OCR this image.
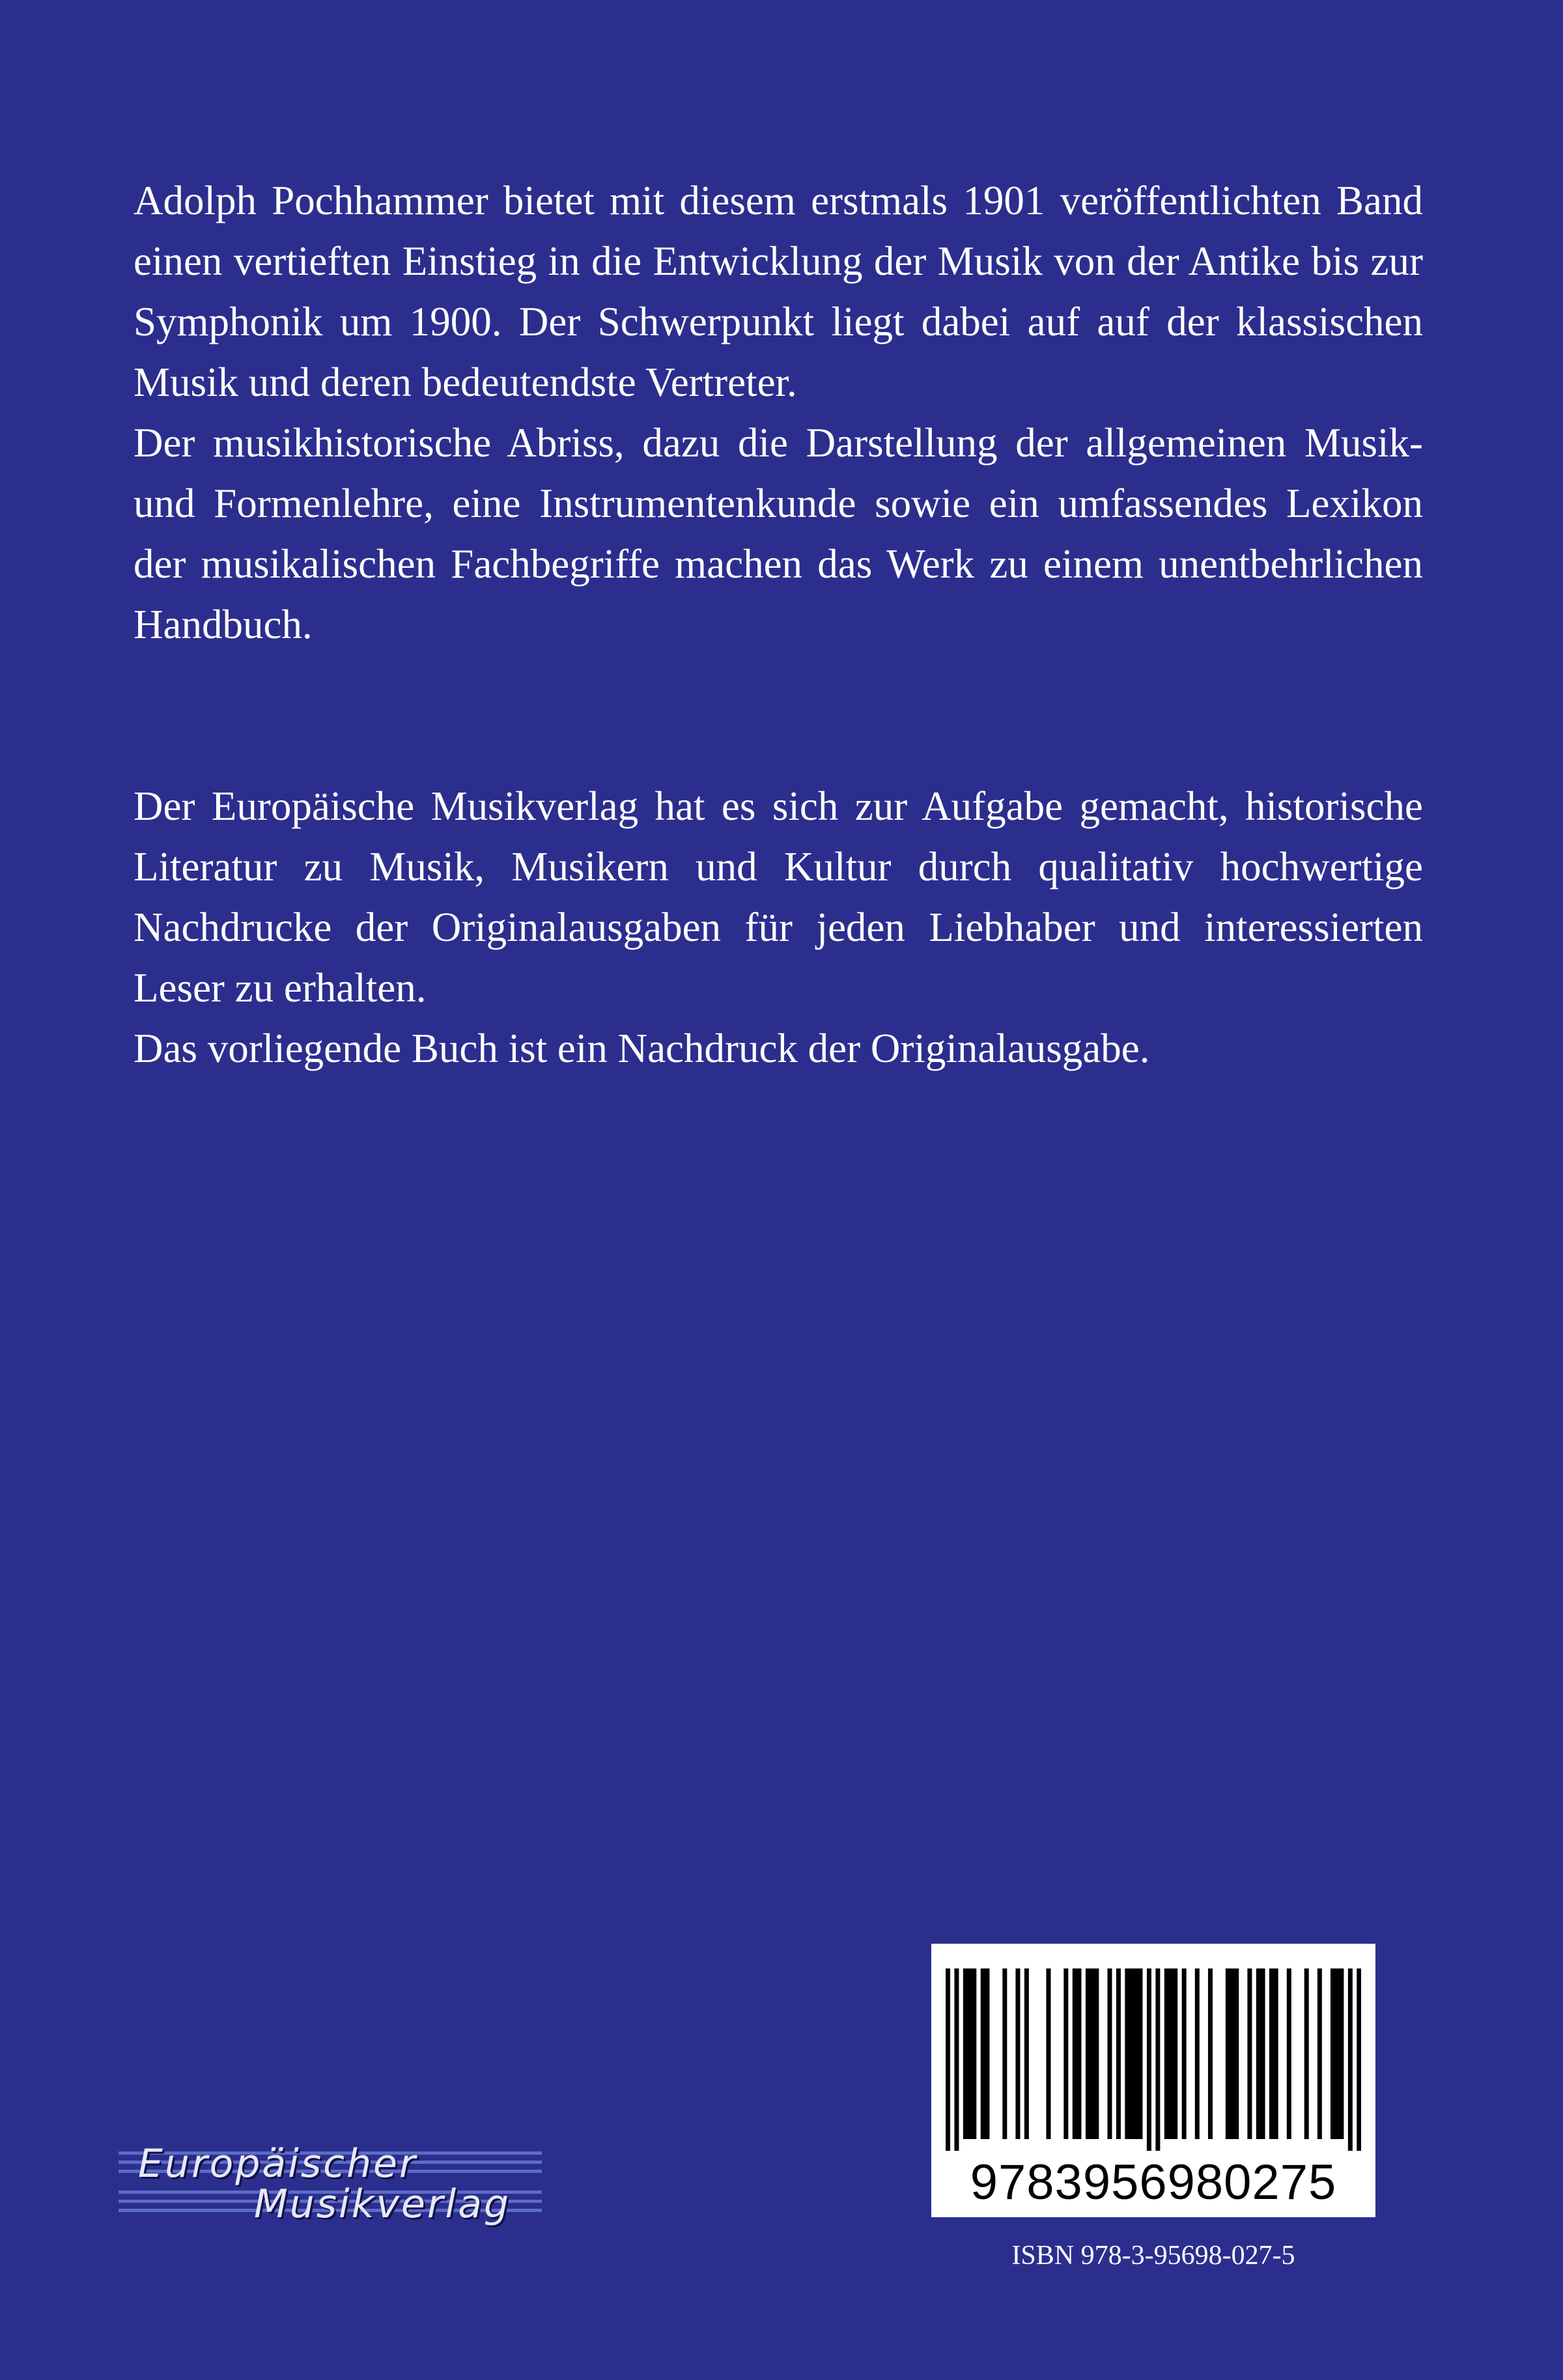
Adolph Pochhammer bietet mit diesem erstmals 1901 veröffentlichten Band einen vertieften Einstieg in die Entwicklung der Musik von der Antike bis zur Symphonik um 1900. Der Schwerpunkt liegt dabei auf auf der klassischen Musik und deren bedeutendste Vertreter.

Der musikhistorische Abriss, dazu die Darstellung der allgemeinen Musik- und Formenlehre, eine Instrumentenkunde sowie ein umfassendes Lexikon der musikalischen Fachbegriffe machen das Werk zu einem unentbehrlichen Handbuch.

Der Europäische Musikverlag hat es sich zur Aufgabe gemacht, historische Literatur zu Musik, Musikern und Kultur durch qualitativ hochwertige Nachdrucke der Originalausgaben für jeden Liebhaber und interessierten Leser zu erhalten.

Das vorliegende Buch ist ein Nachdruck der Originalausgabe.

Europäischer
Musikverlag	9783956980275
ISBN 978-3-95698-027-5
